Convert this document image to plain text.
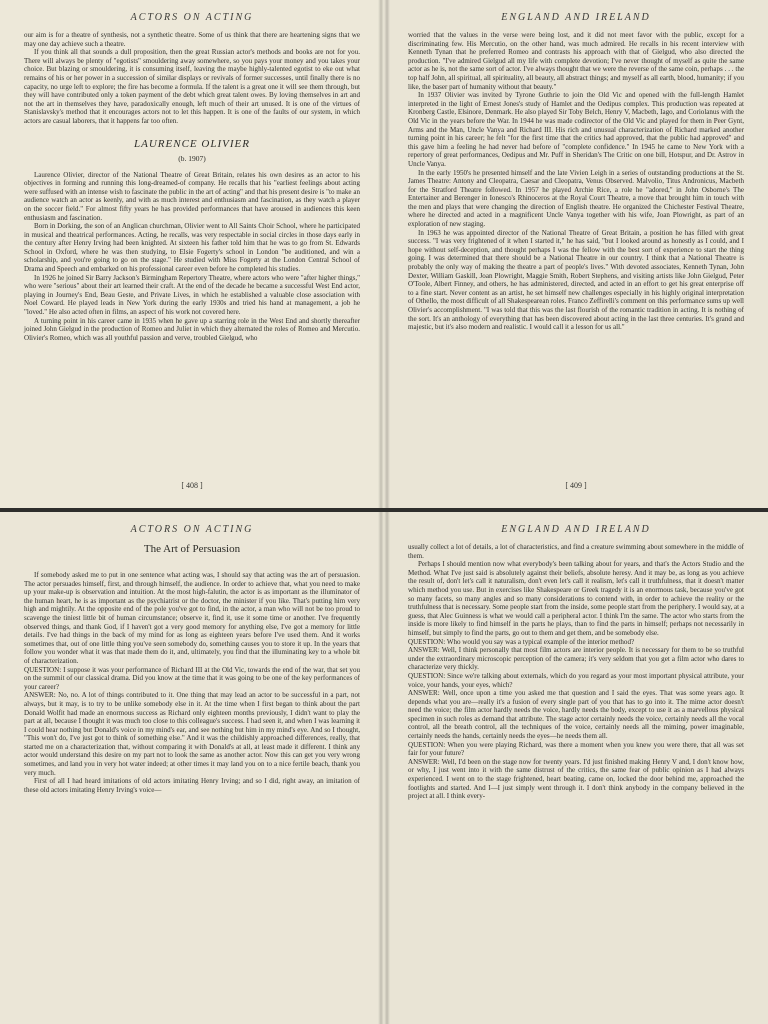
ACTORS ON ACTING

our aim is for a theatre of synthesis, not a synthetic theatre. Some of us think that there are heartening signs that we may one day achieve such a theatre.

If you think all that sounds a dull proposition, then the great Russian actor's methods and books are not for you. There will always be plenty of "egotists" smouldering away somewhere, so you pays your money and you takes your choice. But blazing or smouldering, it is consuming itself, leaving the maybe highly-talented egotist to eke out what remains of his or her power in a succession of similar displays or revivals of former successes, until finally there is no capacity, no urge left to explore; the fire has become a formula. If the talent is a great one it will see them through, but they will have contributed only a token payment of the debt which great talent owes. By loving themselves in art and not the art in themselves they have, paradoxically enough, left much of their art unused. It is one of the virtues of Stanislavsky's method that it encourages actors not to let this happen. It is one of the faults of our system, in which actors are casual laborers, that it happens far too often.

LAURENCE OLIVIER
(b. 1907)

Laurence Olivier, director of the National Theatre of Great Britain, relates his own desires as an actor to his objectives in forming and running this long-dreamed-of company. He recalls that his "earliest feelings about acting were suffused with an intense wish to fascinate the public in the art of acting" and that his present desire is "to make an audience watch an actor as keenly, and with as much interest and enthusiasm and fascination, as they watch a player on the soccer field." For almost fifty years he has provided performances that have aroused in audiences this keen enthusiasm and fascination.

Born in Dorking, the son of an Anglican churchman, Olivier went to All Saints Choir School, where he participated in musical and theatrical performances. Acting, he recalls, was very respectable in social circles in those days early in the century after Henry Irving had been knighted. At sixteen his father told him that he was to go from St. Edwards School in Oxford, where he was then studying, to Elsie Fogerty's school in London "be auditioned, and win a scholarship, and you're going to go on the stage." He studied with Miss Fogerty at the London Central School of Drama and Speech and embarked on his professional career even before he completed his studies.

In 1926 he joined Sir Barry Jackson's Birmingham Repertory Theatre, where actors who were "after higher things," who were "serious" about their art learned their craft. At the end of the decade he became a successful West End actor, playing in Journey's End, Beau Geste, and Private Lives, in which he established a valuable close association with Noel Coward. He played leads in New York during the early 1930s and tried his hand at management, a job he "loved." He also acted often in films, an aspect of his work not covered here.

A turning point in his career came in 1935 when he gave up a starring role in the West End and shortly thereafter joined John Gielgud in the production of Romeo and Juliet in which they alternated the roles of Romeo and Mercutio. Olivier's Romeo, which was all youthful passion and verve, troubled Gielgud, who

[ 408 ]
ENGLAND AND IRELAND

worried that the values in the verse were being lost, and it did not meet favor with the public, except for a discriminating few. His Mercutio, on the other hand, was much admired. He recalls in his recent interview with Kenneth Tynan that he preferred Romeo and contrasts his approach with that of Gielgud, who also directed the production. "I've admired Gielgud all my life with complete devotion; I've never thought of myself as quite the same actor as he is, not the same sort of actor. I've always thought that we were the reverse of the same coin, perhaps . . . the top half John, all spiritual, all spirituality, all beauty, all abstract things; and myself as all earth, blood, humanity; if you like, the baser part of humanity without that beauty."

In 1937 Olivier was invited by Tyrone Guthrie to join the Old Vic and opened with the full-length Hamlet interpreted in the light of Ernest Jones's study of Hamlet and the Oedipus complex. This production was repeated at Kronberg Castle, Elsinore, Denmark. He also played Sir Toby Belch, Henry V, Macbeth, Iago, and Coriolanus with the Old Vic in the years before the War. In 1944 he was made codirector of the Old Vic and played for them in Peer Gynt, Arms and the Man, Uncle Vanya and Richard III. His rich and unusual characterization of Richard marked another turning point in his career; he felt "for the first time that the critics had approved, that the public had approved" and this gave him a feeling he had never had before of "complete confidence." In 1945 he came to New York with a repertory of great performances, Oedipus and Mr. Puff in Sheridan's The Critic on one bill, Hotspur, and Dr. Astrov in Uncle Vanya.

In the early 1950's he presented himself and the late Vivien Leigh in a series of outstanding productions at the St. James Theatre: Antony and Cleopatra, Caesar and Cleopatra, Venus Observed. Malvolio, Titus Andronicus, Macbeth for the Stratford Theatre followed. In 1957 he played Archie Rice, a role he "adored," in John Osborne's The Entertainer and Berenger in Ionesco's Rhinoceros at the Royal Court Theatre, a move that brought him in touch with the men and plays that were changing the direction of English theatre. He organized the Chichester Festival Theatre, where he directed and acted in a magnificent Uncle Vanya together with his wife, Joan Plowright, as part of an exploration of new staging.

In 1963 he was appointed director of the National Theatre of Great Britain, a position he has filled with great success. "I was very frightened of it when I started it," he has said, "but I looked around as honestly as I could, and I hope without self-deception, and thought perhaps I was the fellow with the best sort of experience to start the thing going. I was determined that there should be a National Theatre in our country. I think that a National Theatre is probably the only way of making the theatre a part of people's lives." With devoted associates, Kenneth Tynan, John Dexter, William Gaskill, Joan Plowright, Maggie Smith, Robert Stephens, and visiting artists like John Gielgud, Peter O'Toole, Albert Finney, and others, he has administered, directed, and acted in an effort to get his great enterprise off to a fine start. Never content as an artist, he set himself new challenges especially in his highly original interpretation of Othello, the most difficult of all Shakespearean roles. Franco Zeffirelli's comment on this performance sums up well Olivier's accomplishment. "I was told that this was the last flourish of the romantic tradition in acting. It is nothing of the sort. It's an anthology of everything that has been discovered about acting in the last three centuries. It's grand and majestic, but it's also modern and realistic. I would call it a lesson for us all."

[ 409 ]
ACTORS ON ACTING
The Art of Persuasion

If somebody asked me to put in one sentence what acting was, I should say that acting was the art of persuasion. The actor persuades himself, first, and through himself, the audience. In order to achieve that, what you need to make up your make-up is observation and intuition. At the most high-falutin, the actor is as important as the illuminator of the human heart, he is as important as the psychiatrist or the doctor, the minister if you like. That's putting him very high and mightily. At the opposite end of the pole you've got to find, in the actor, a man who will not be too proud to scavenge the tiniest little bit of human circumstance; observe it, find it, use it some time or another. I've frequently observed things, and thank God, if I haven't got a very good memory for anything else, I've got a memory for little details. I've had things in the back of my mind for as long as eighteen years before I've used them. And it works sometimes that, out of one little thing you've seen somebody do, something causes you to store it up. In the years that follow you wonder what it was that made them do it, and, ultimately, you find that the illuminating key to a whole bit of characterization.

QUESTION: I suppose it was your performance of Richard III at the Old Vic, towards the end of the war, that set you on the summit of our classical drama. Did you know at the time that it was going to be one of the key performances of your career?

ANSWER: No, no. A lot of things contributed to it. One thing that may lead an actor to be successful in a part, not always, but it may, is to try to be unlike somebody else in it. At the time when I first began to think about the part Donald Wolfit had made an enormous success as Richard only eighteen months previously, I didn't want to play the part at all, because I thought it was much too close to this colleague's success. I had seen it, and when I was learning it I could hear nothing but Donald's voice in my mind's ear, and see nothing but him in my mind's eye. And so I thought, "This won't do, I've just got to think of something else." And it was the childishly approached differences, really, that started me on a characterization that, without comparing it with Donald's at all, at least made it different. I think any actor would understand this desire on my part not to look the same as another actor. Now this can get you very wrong sometimes, and land you in very hot water indeed; at other times it may land you on to a nice fertile beach, thank you very much.

First of all I had heard imitations of old actors imitating Henry Irving; and so I did, right away, an imitation of these old actors imitating Henry Irving's voice—

ENGLAND AND IRELAND

usually collect a lot of details, a lot of characteristics, and find a creature swimming about somewhere in the middle of them.

Perhaps I should mention now what everybody's been talking about for years, and that's the Actors Studio and the Method. What I've just said is absolutely against their beliefs, absolute heresy. And it may be, as long as you achieve the result of, don't let's call it naturalism, don't even let's call it realism, let's call it truthfulness, that it doesn't matter which method you use. But in exercises like Shakespeare or Greek tragedy it is an enormous task, because you've got so many facets, so many angles and so many considerations to contend with, in order to achieve the reality or the truthfulness that is necessary. Some people start from the inside, some people start from the periphery. I would say, at a guess, that Alec Guinness is what we would call a peripheral actor. I think I'm the same. The actor who starts from the inside is more likely to find himself in the parts he plays, than to find the parts in himself; perhaps not necessarily in himself, but simply to find the parts, go out to them and get them, and be somebody else.

QUESTION: Who would you say was a typical example of the interior method?

ANSWER: Well, I think personally that most film actors are interior people. It is necessary for them to be so truthful under the extraordinary microscopic perception of the camera; it's very seldom that you get a film actor who dares to characterize very thickly.

QUESTION: Since we're talking about externals, which do you regard as your most important physical attribute, your voice, your hands, your eyes, which?

ANSWER: Well, once upon a time you asked me that question and I said the eyes. That was some years ago. It depends what you are—really it's a fusion of every single part of you that has to go into it. The mime actor doesn't need the voice; the film actor hardly needs the voice, hardly needs the body, except to use it as a marvellous physical specimen in such roles as demand that attribute. The stage actor certainly needs the voice, certainly needs all the vocal control, all the breath control, all the techniques of the voice, certainly needs all the miming, power imaginable, certainly needs the hands, certainly needs the eyes—he needs them all.

QUESTION: When you were playing Richard, was there a moment when you knew you were there, that all was set fair for your future?

ANSWER: Well, I'd been on the stage now for twenty years. I'd just finished making Henry V and, I don't know how, or why, I just went into it with the same distrust of the critics, the same fear of public opinion as I had always experienced. I went on to the stage frightened, heart beating, came on, locked the door behind me, approached the footlights and started. And I—I just simply went through it. I don't think anybody in the company believed in the project at all. I think every-
